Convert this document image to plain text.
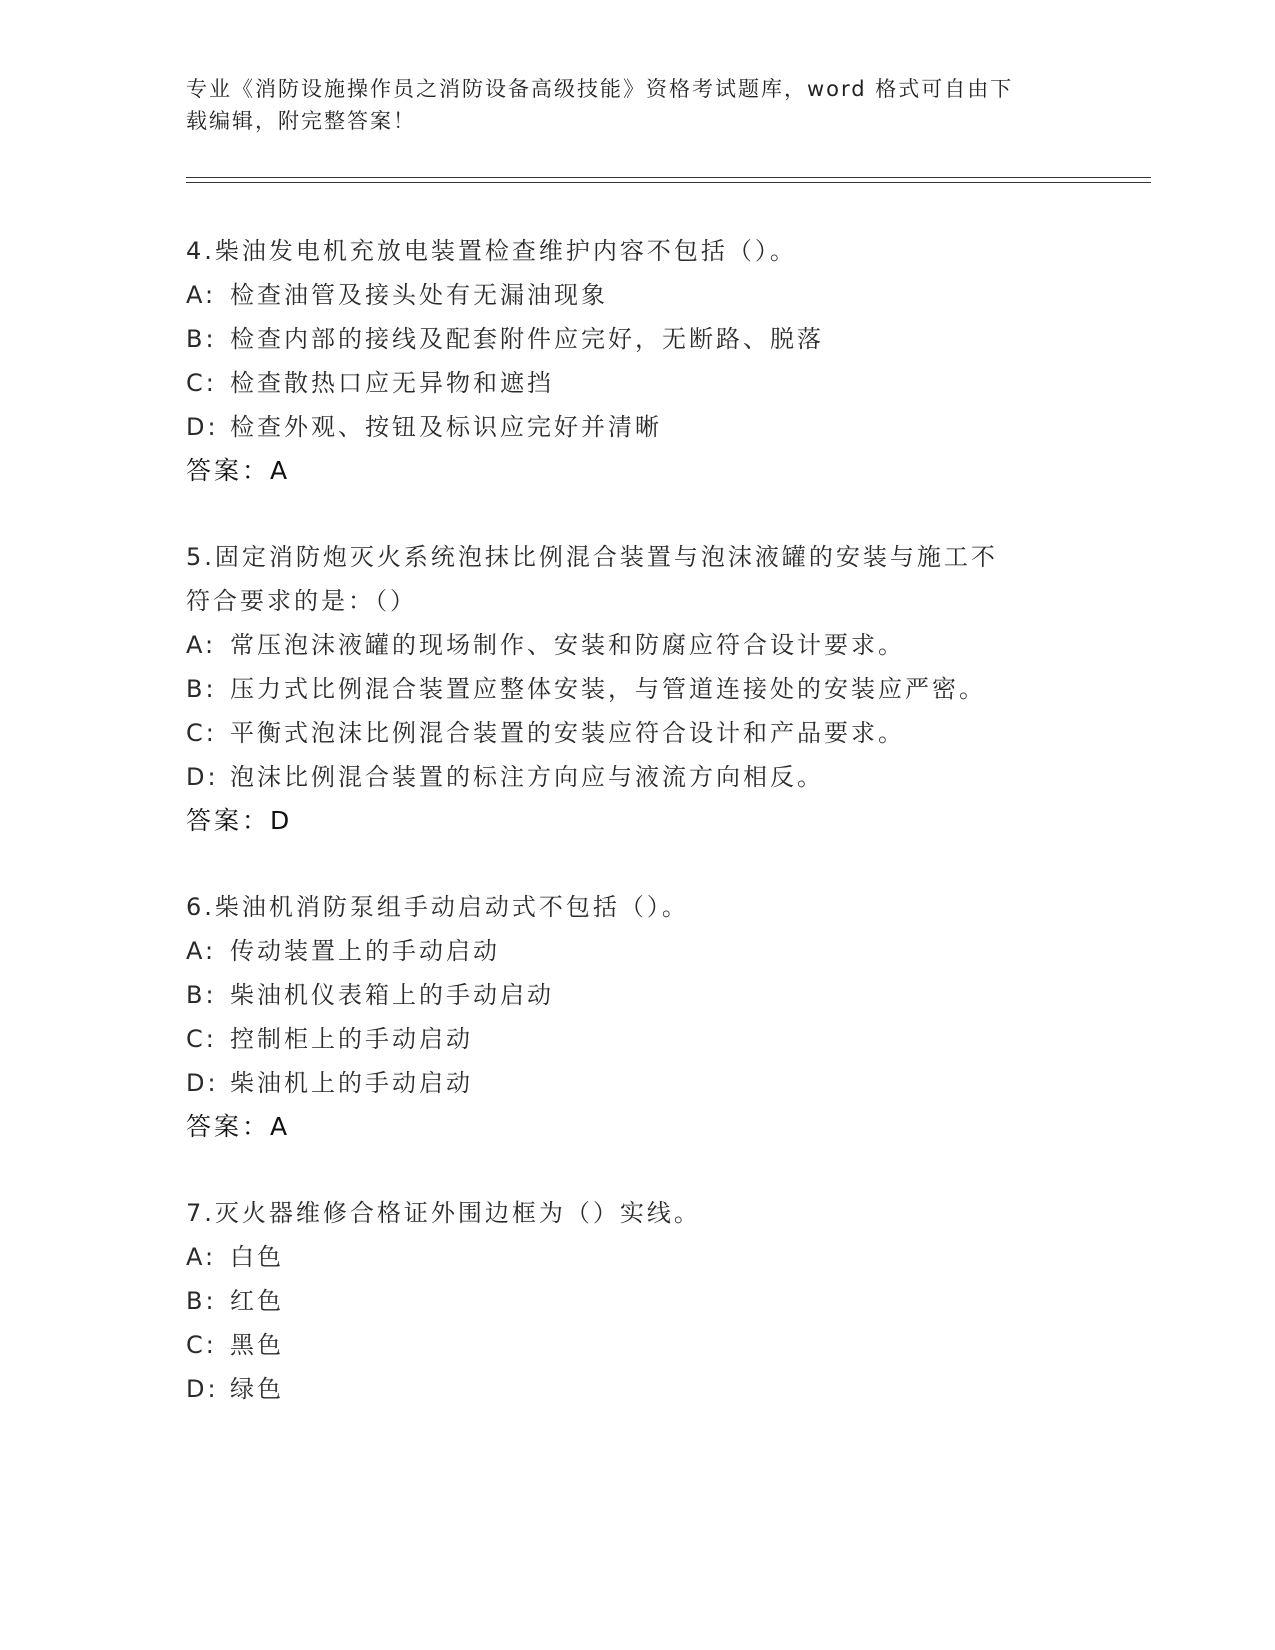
专业《消防设施操作员之消防设备高级技能》资格考试题库，word 格式可自由下
载编辑，附完整答案！
4.柴油发电机充放电装置检查维护内容不包括（）。
A: 检查油管及接头处有无漏油现象
B: 检查内部的接线及配套附件应完好，无断路、脱落
C: 检查散热口应无异物和遮挡
D: 检查外观、按钮及标识应完好并清晰
答案：A
5.固定消防炮灭火系统泡抹比例混合装置与泡沫液罐的安装与施工不
符合要求的是：（）
A: 常压泡沫液罐的现场制作、安装和防腐应符合设计要求。
B: 压力式比例混合装置应整体安装，与管道连接处的安装应严密。
C: 平衡式泡沫比例混合装置的安装应符合设计和产品要求。
D: 泡沫比例混合装置的标注方向应与液流方向相反。
答案：D
6.柴油机消防泵组手动启动式不包括（）。
A: 传动装置上的手动启动
B: 柴油机仪表箱上的手动启动
C: 控制柜上的手动启动
D: 柴油机上的手动启动
答案：A
7.灭火器维修合格证外围边框为（）实线。
A: 白色
B: 红色
C: 黑色
D: 绿色
